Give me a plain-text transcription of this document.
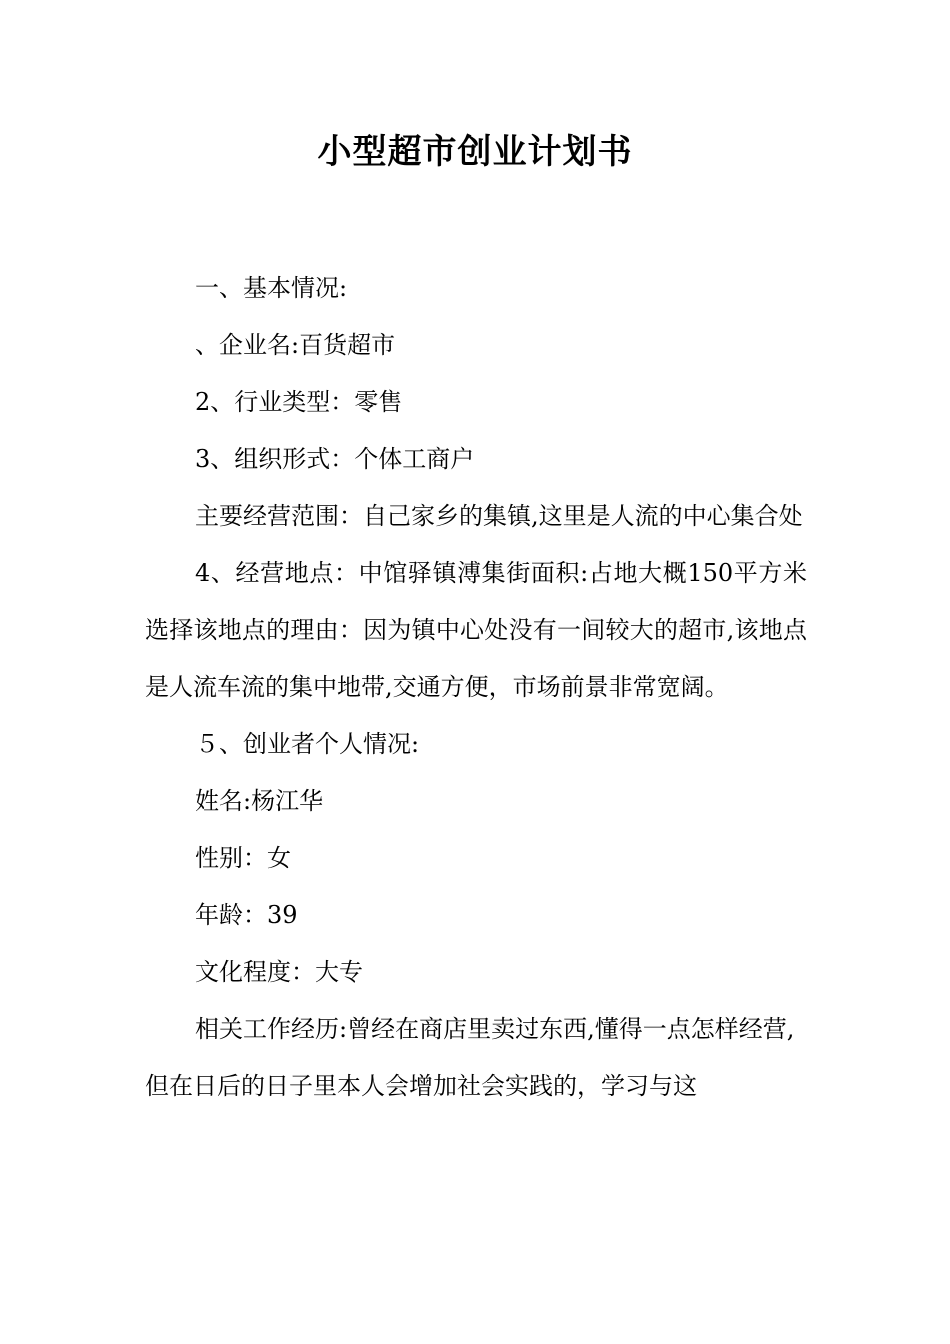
小型超市创业计划书

一、基本情况:

、企业名:百货超市

2、行业类型：零售

3、组织形式：个体工商户

主要经营范围：自己家乡的集镇,这里是人流的中心集合处

4、经营地点：中馆驿镇溥集街面积:占地大概150平方米选择该地点的理由：因为镇中心处没有一间较大的超市,该地点是人流车流的集中地带,交通方便，市场前景非常宽阔。

５、创业者个人情况:

姓名:杨江华

性别：女

年龄：39

文化程度：大专

相关工作经历:曾经在商店里卖过东西,懂得一点怎样经营,但在日后的日子里本人会增加社会实践的，学习与这
